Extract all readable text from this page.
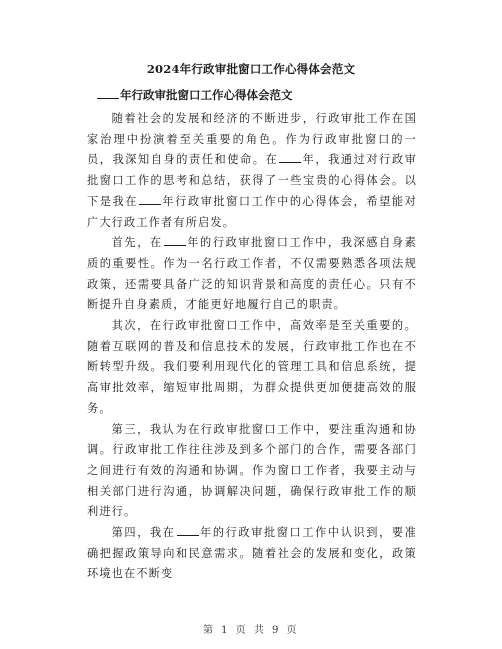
2024年行政审批窗口工作心得体会范文
年行政审批窗口工作心得体会范文

随着社会的发展和经济的不断进步，行政审批工作在国家治理中扮演着至关重要的角色。作为行政审批窗口的一员，我深知自身的责任和使命。在 年，我通过对行政审批窗口工作的思考和总结，获得了一些宝贵的心得体会。以下是我在 年行政审批窗口工作中的心得体会，希望能对广大行政工作者有所启发。

首先，在 年的行政审批窗口工作中，我深感自身素质的重要性。作为一名行政工作者，不仅需要熟悉各项法规政策，还需要具备广泛的知识背景和高度的责任心。只有不断提升自身素质，才能更好地履行自己的职责。

其次，在行政审批窗口工作中，高效率是至关重要的。随着互联网的普及和信息技术的发展，行政审批工作也在不断转型升级。我们要利用现代化的管理工具和信息系统，提高审批效率，缩短审批周期，为群众提供更加便捷高效的服务。

第三，我认为在行政审批窗口工作中，要注重沟通和协调。行政审批工作往往涉及到多个部门的合作，需要各部门之间进行有效的沟通和协调。作为窗口工作者，我要主动与相关部门进行沟通，协调解决问题，确保行政审批工作的顺利进行。

第四，我在 年的行政审批窗口工作中认识到，要准确把握政策导向和民意需求。随着社会的发展和变化，政策环境也在不断变

第 1 页 共 9 页
